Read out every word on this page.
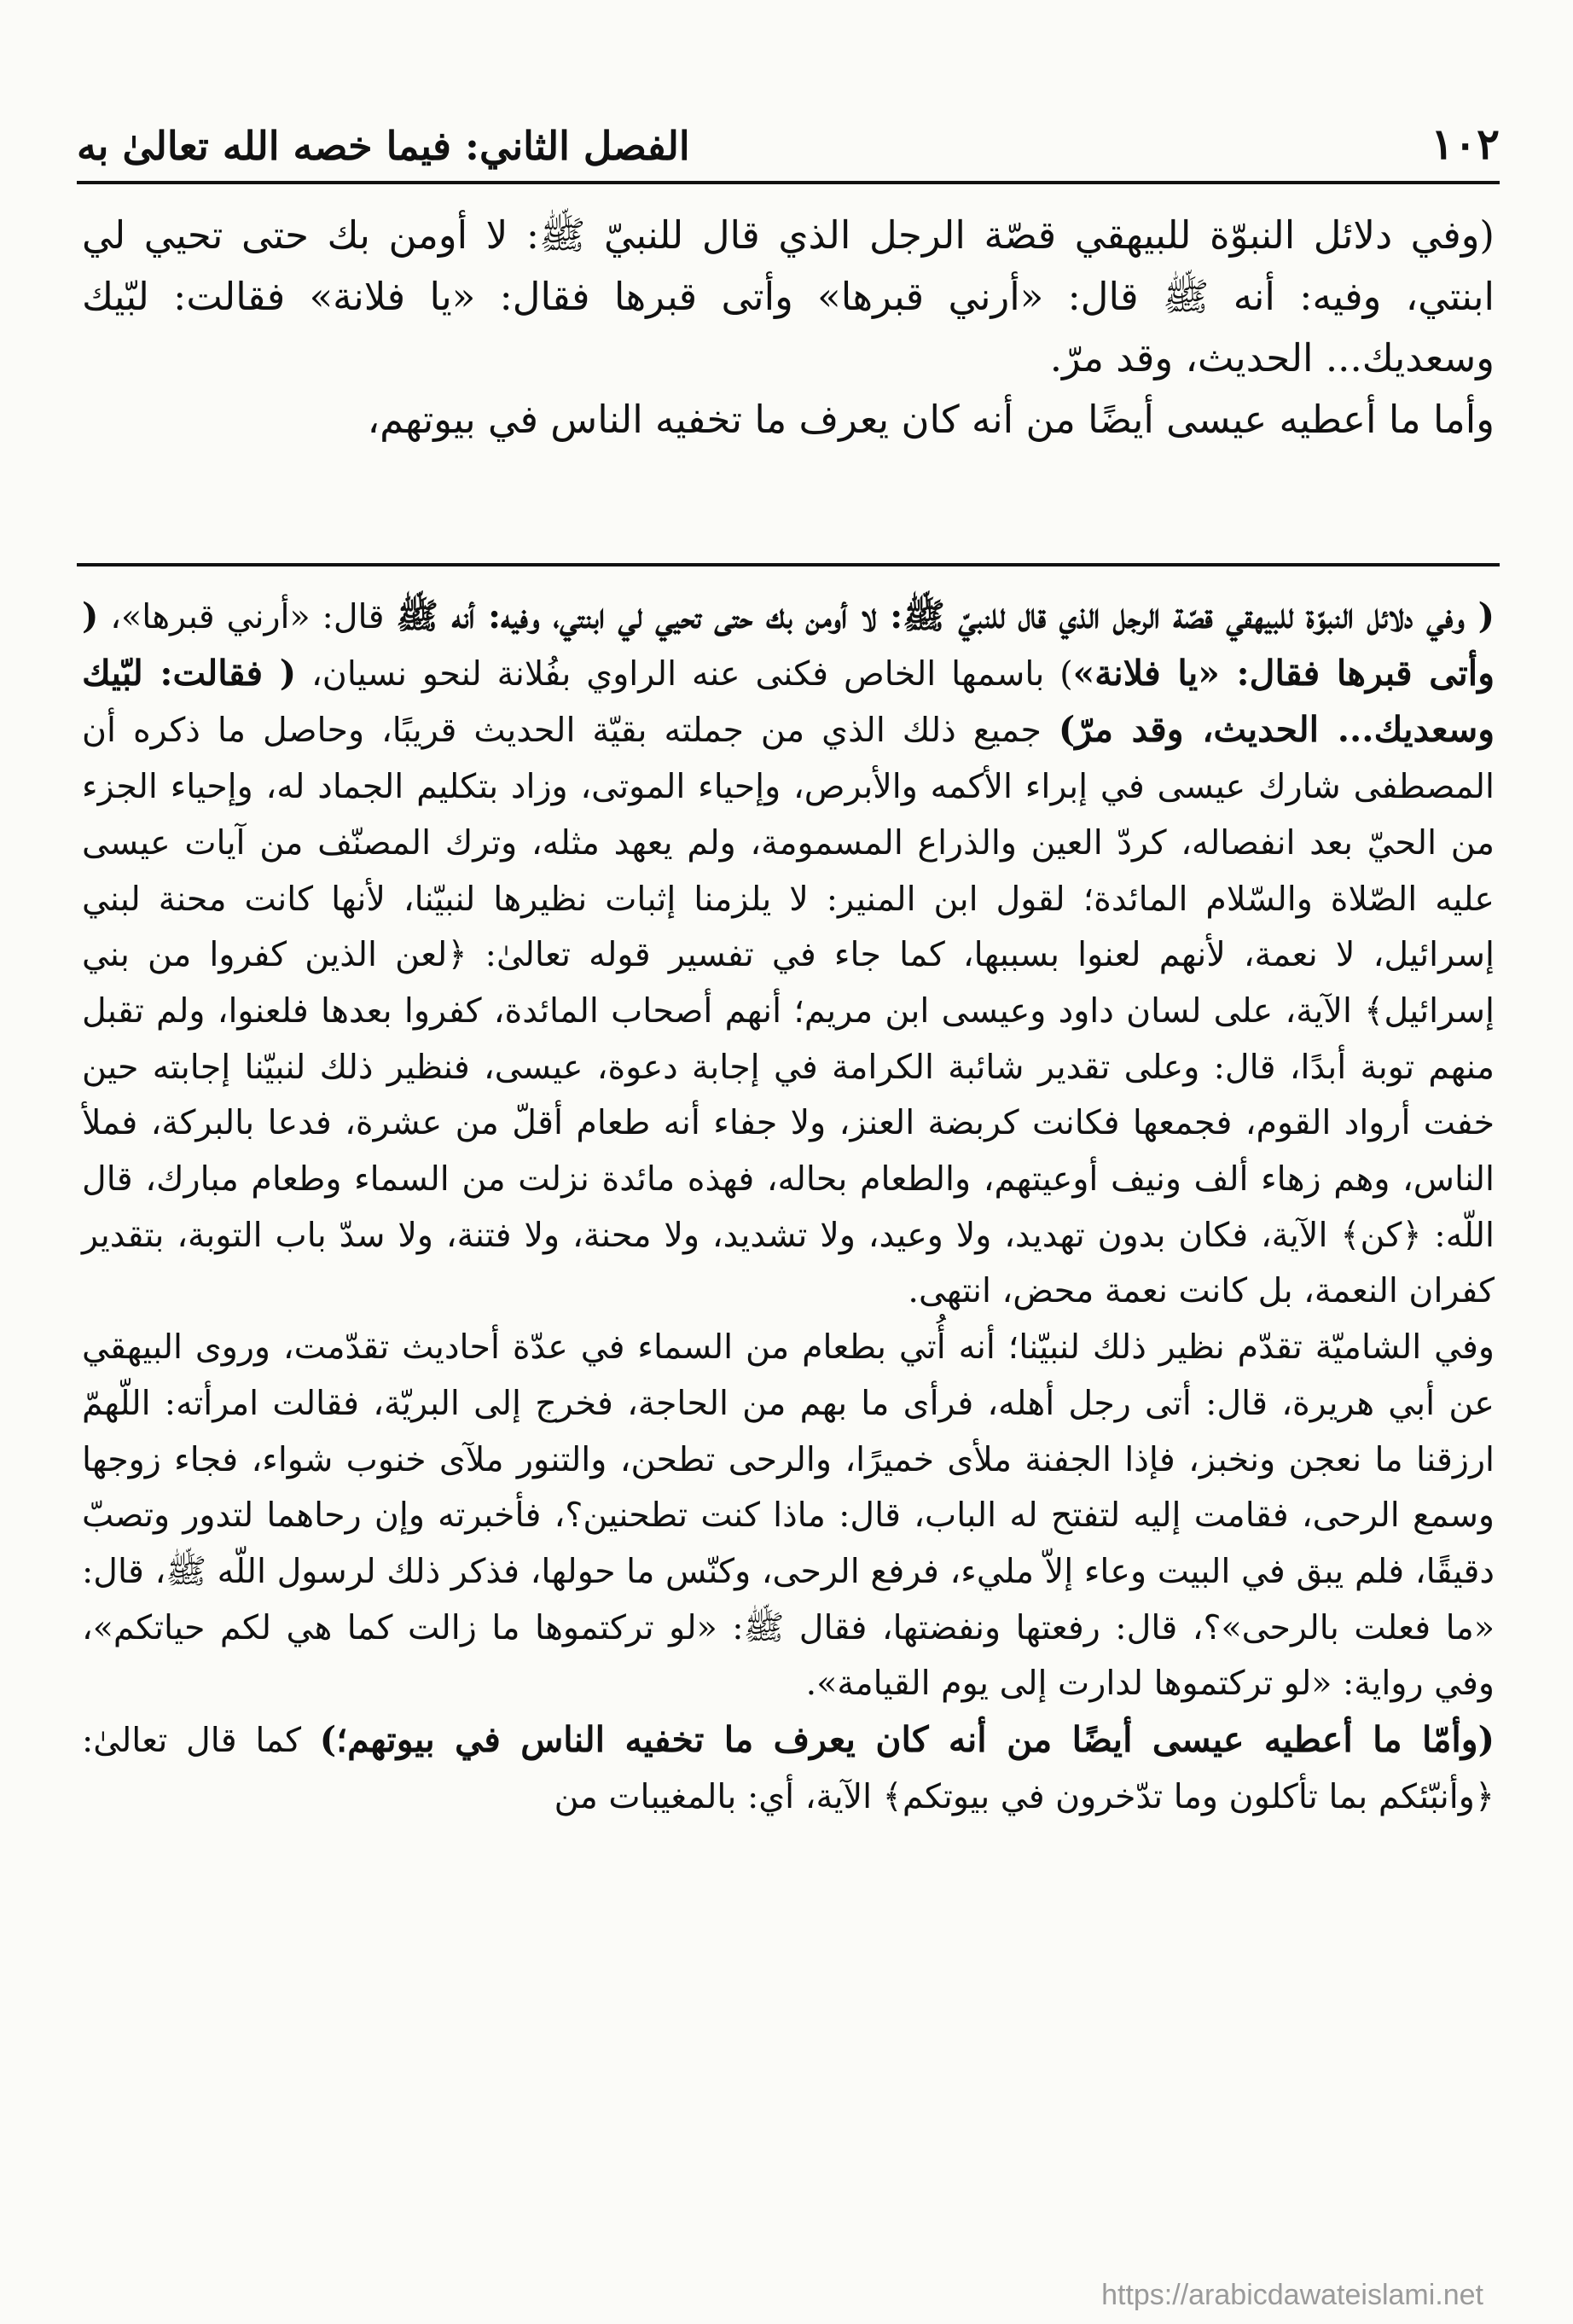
١٠٢
الفصل الثاني: فيما خصه الله تعالىٰ به

(وفي دلائل النبوّة للبيهقي قصّة الرجل الذي قال للنبيّ ﷺ: لا أومن بك حتى تحيي لي ابنتي، وفيه: أنه ﷺ قال: «أرني قبرها» وأتى قبرها فقال: «يا فلانة» فقالت: لبّيك وسعديك... الحديث، وقد مرّ.

وأما ما أعطيه عيسى أيضًا من أنه كان يعرف ما تخفيه الناس في بيوتهم،

( وفي دلائل النبوّة للبيهقي قصّة الرجل الذي قال للنبيّ ﷺ: لا أومن بك حتى تحيي لي ابنتي، وفيه: أنه ﷺ قال: «أرني قبرها»، ( وأتى قبرها فقال: «يا فلانة») باسمها الخاص فكنى عنه الراوي بفُلانة لنحو نسيان، ( فقالت: لبّيك وسعديك... الحديث، وقد مرّ) جميع ذلك الذي من جملته بقيّة الحديث قريبًا، وحاصل ما ذكره أن المصطفى شارك عيسى في إبراء الأكمه والأبرص، وإحياء الموتى، وزاد بتكليم الجماد له، وإحياء الجزء من الحيّ بعد انفصاله، كردّ العين والذراع المسمومة، ولم يعهد مثله، وترك المصنّف من آيات عيسى عليه الصّلاة والسّلام المائدة؛ لقول ابن المنير: لا يلزمنا إثبات نظيرها لنبيّنا، لأنها كانت محنة لبني إسرائيل، لا نعمة، لأنهم لعنوا بسببها، كما جاء في تفسير قوله تعالىٰ: ﴿لعن الذين كفروا من بني إسرائيل﴾ الآية، على لسان داود وعيسى ابن مريم؛ أنهم أصحاب المائدة، كفروا بعدها فلعنوا، ولم تقبل منهم توبة أبدًا، قال: وعلى تقدير شائبة الكرامة في إجابة دعوة، عيسى، فنظير ذلك لنبيّنا إجابته حين خفت أرواد القوم، فجمعها فكانت كربضة العنز، ولا جفاء أنه طعام أقلّ من عشرة، فدعا بالبركة، فملأ الناس، وهم زهاء ألف ونيف أوعيتهم، والطعام بحاله، فهذه مائدة نزلت من السماء وطعام مبارك، قال اللّه: ﴿كن﴾ الآية، فكان بدون تهديد، ولا وعيد، ولا تشديد، ولا محنة، ولا فتنة، ولا سدّ باب التوبة، بتقدير كفران النعمة، بل كانت نعمة محض، انتهى.

وفي الشاميّة تقدّم نظير ذلك لنبيّنا؛ أنه أُتي بطعام من السماء في عدّة أحاديث تقدّمت، وروى البيهقي عن أبي هريرة، قال: أتى رجل أهله، فرأى ما بهم من الحاجة، فخرج إلى البريّة، فقالت امرأته: اللّهمّ ارزقنا ما نعجن ونخبز، فإذا الجفنة ملأى خميرًا، والرحى تطحن، والتنور ملآى خنوب شواء، فجاء زوجها وسمع الرحى، فقامت إليه لتفتح له الباب، قال: ماذا كنت تطحنين؟، فأخبرته وإن رحاهما لتدور وتصبّ دقيقًا، فلم يبق في البيت وعاء إلاّ مليء، فرفع الرحى، وكنّس ما حولها، فذكر ذلك لرسول اللّه ﷺ، قال: «ما فعلت بالرحى»؟، قال: رفعتها ونفضتها، فقال ﷺ: «لو تركتموها ما زالت كما هي لكم حياتكم»، وفي رواية: «لو تركتموها لدارت إلى يوم القيامة».

(وأمّا ما أعطيه عيسى أيضًا من أنه كان يعرف ما تخفيه الناس في بيوتهم؛) كما قال تعالىٰ: ﴿وأنبّئكم بما تأكلون وما تدّخرون في بيوتكم﴾ الآية، أي: بالمغيبات من

https://arabicdawateislami.net
